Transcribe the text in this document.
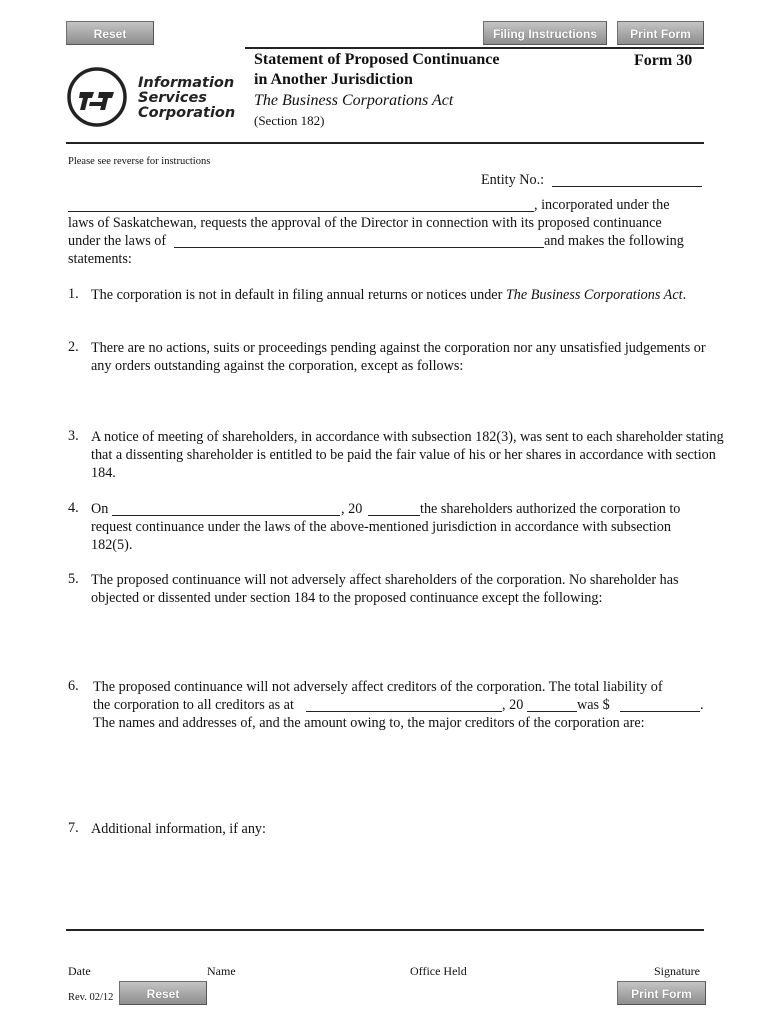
Reset	Filing Instructions	Print Form
Information
Services
Corporation
Statement of Proposed Continuance
in Another Jurisdiction
The Business Corporations Act
(Section 182)
Form 30
Please see reverse for instructions
Entity No.:
, incorporated under the
laws of Saskatchewan, requests the approval of the Director in connection with its proposed continuance
under the laws of	and makes the following
statements:
1. The corporation is not in default in filing annual returns or notices under The Business Corporations Act.
2. There are no actions, suits or proceedings pending against the corporation nor any unsatisfied judgements or any orders outstanding against the corporation, except as follows:
3. A notice of meeting of shareholders, in accordance with subsection 182(3), was sent to each shareholder stating that a dissenting shareholder is entitled to be paid the fair value of his or her shares in accordance with section 184.
4. On	, 20	the shareholders authorized the corporation to
request continuance under the laws of the above-mentioned jurisdiction in accordance with subsection
182(5).
5. The proposed continuance will not adversely affect shareholders of the corporation. No shareholder has objected or dissented under section 184 to the proposed continuance except the following:
6. The proposed continuance will not adversely affect creditors of the corporation. The total liability of
the corporation to all creditors as at	, 20	was $	.
The names and addresses of, and the amount owing to, the major creditors of the corporation are:
7. Additional information, if any:
Date	Name	Office Held	Signature
Rev. 02/12	Reset	Print Form
